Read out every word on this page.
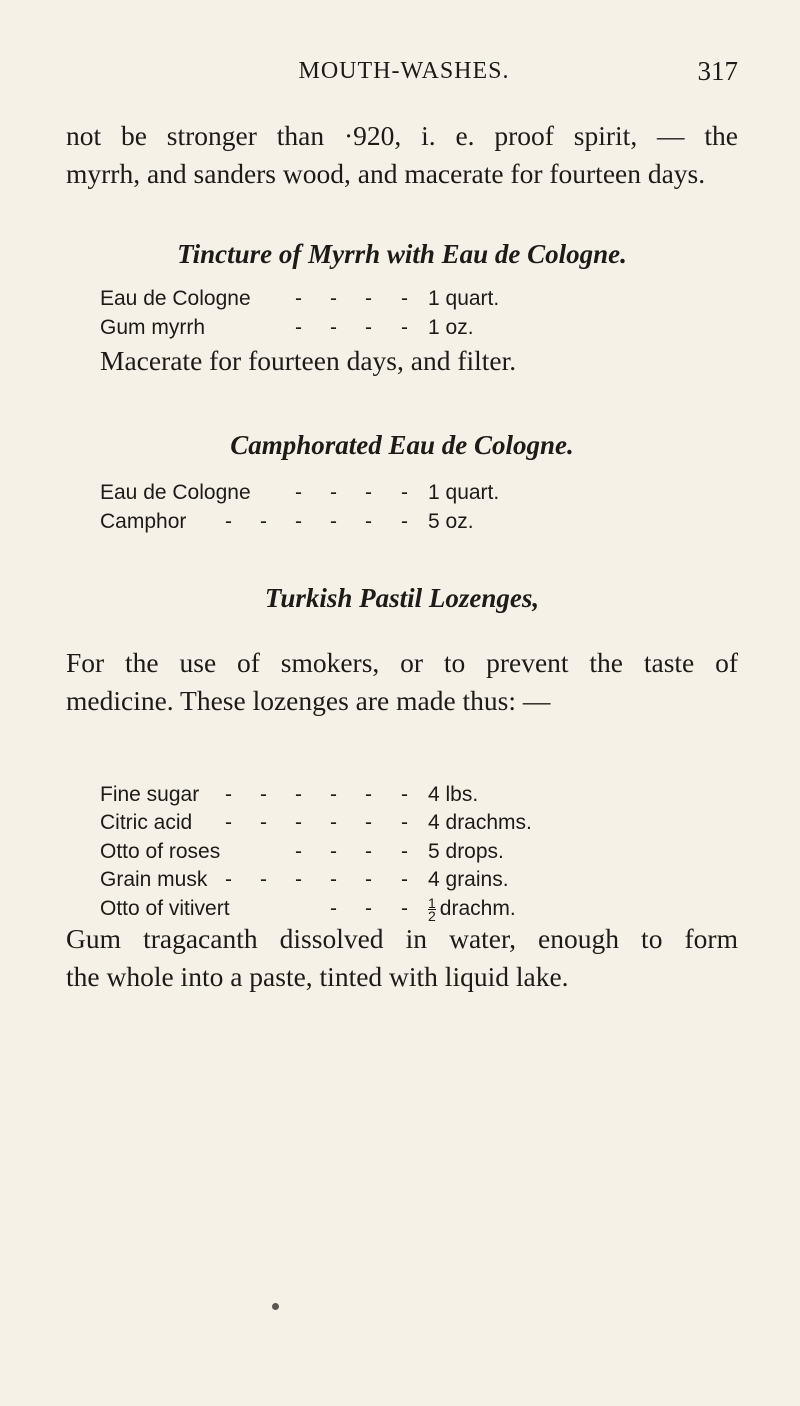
MOUTH-WASHES.	317

not be stronger than ·920, i. e. proof spirit, — the
myrrh, and sanders wood, and macerate for fourteen days.

Tincture of Myrrh with Eau de Cologne.
Eau de Cologne - - - - 1 quart.
Gum myrrh	- - - - 1 oz.

Macerate for fourteen days, and filter.

Camphorated Eau de Cologne.
Eau de Cologne - - - - 1 quart.
Camphor - - - - - - 5 oz.
Turkish Pastil Lozenges,

For the use of smokers, or to prevent the taste of
medicine. These lozenges are made thus: —

Fine sugar - - - - - - 4 lbs.
Citric acid - - - - - - 4 drachms.
Otto of roses	- - - - 5 drops.
Grain musk - - - - - - 4 grains.
Otto of vitivert	- - - $\frac{1}{2}$ drachm.

Gum tragacanth dissolved in water, enough to form
the whole into a paste, tinted with liquid lake.
